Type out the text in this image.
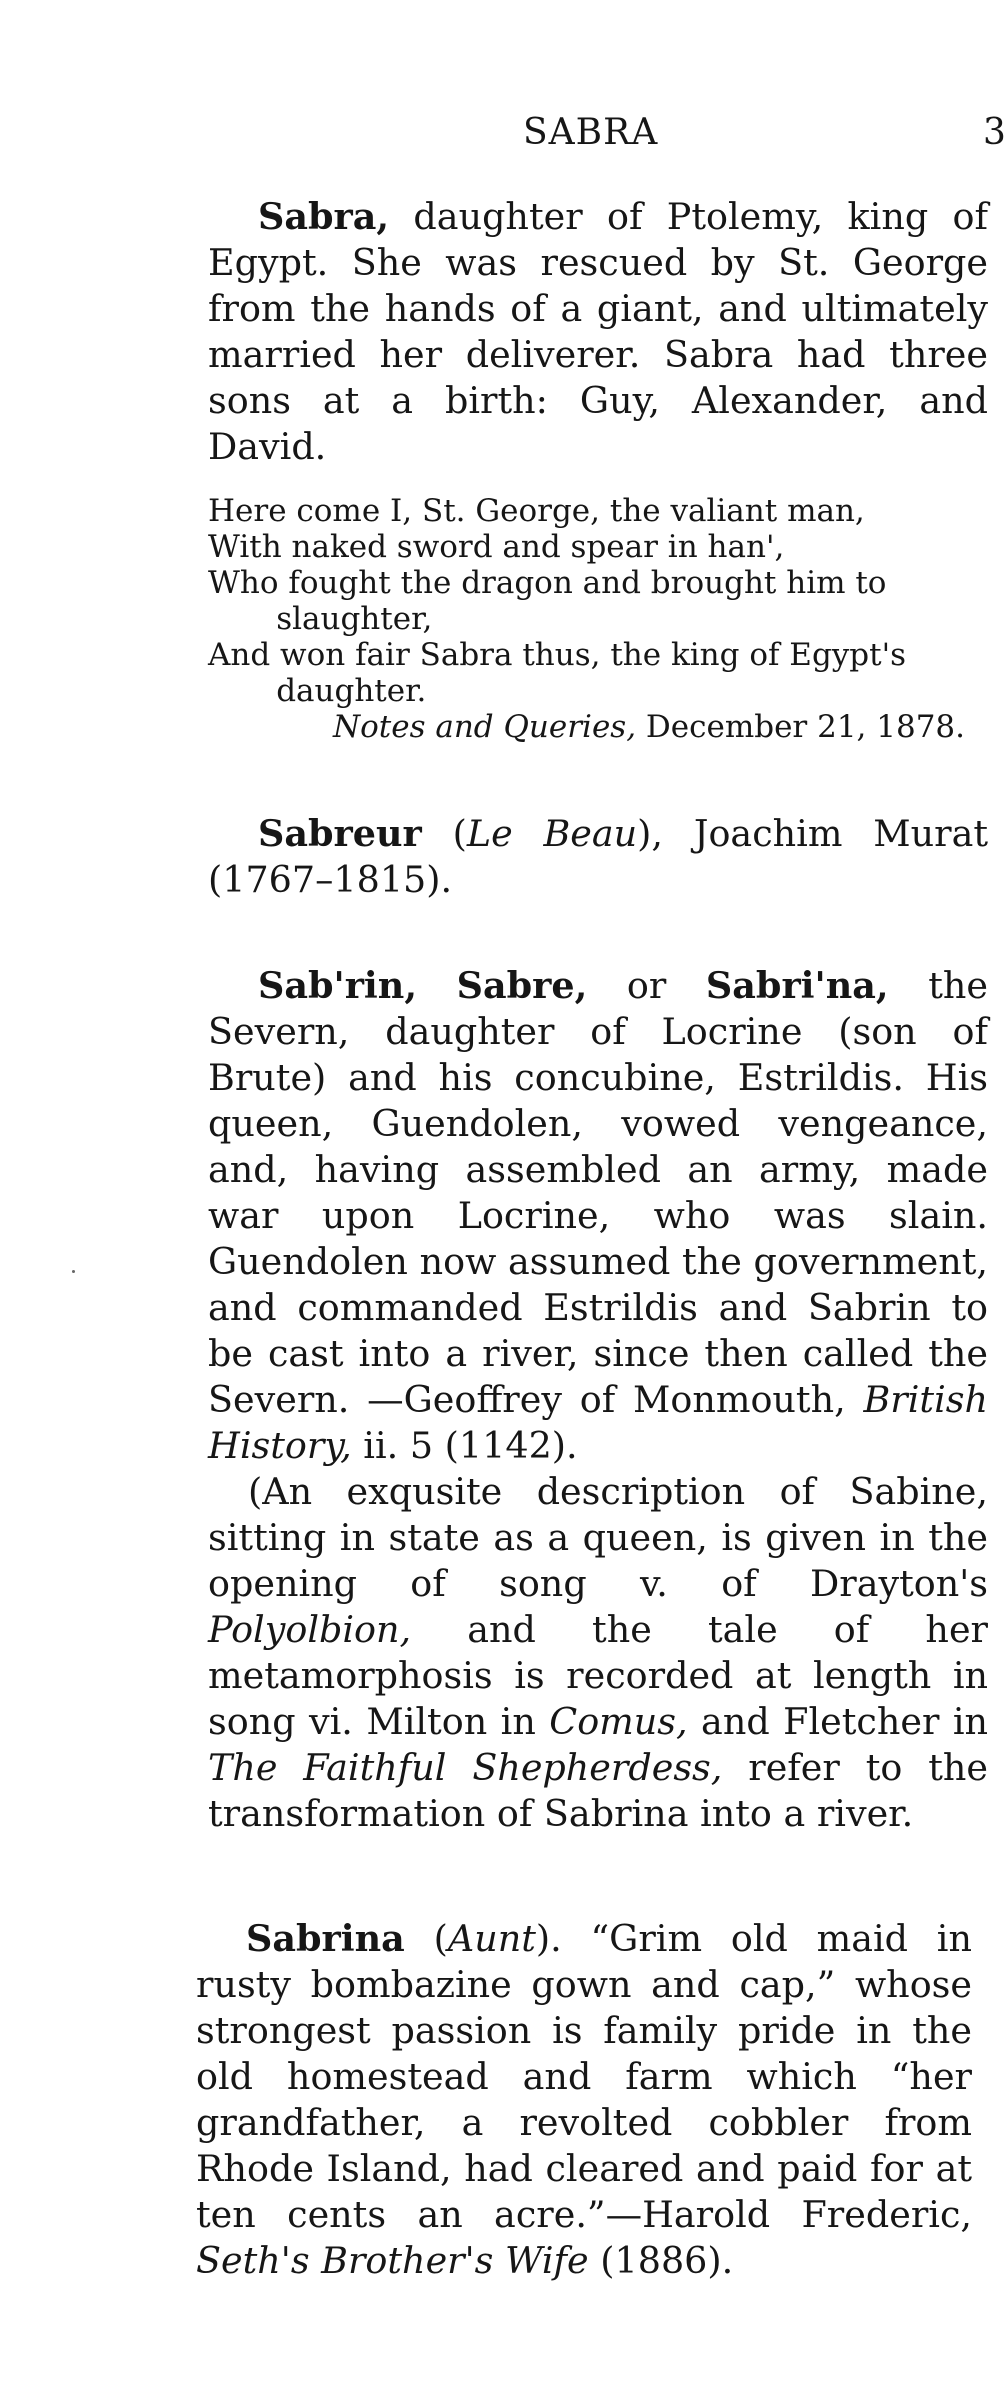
SABRA	3

Sabra, daughter of Ptolemy, king of Egypt. She was rescued by St. George from the hands of a giant, and ultimately married her deliverer. Sabra had three sons at a birth: Guy, Alexander, and David.

Here come I, St. George, the valiant man,
With naked sword and spear in han',
Who fought the dragon and brought him to slaughter,
And won fair Sabra thus, the king of Egypt's daughter.
Notes and Queries, December 21, 1878.

Sabreur (Le Beau), Joachim Murat (1767–1815).

Sab'rin, Sabre, or Sabri'na, the Severn, daughter of Locrine (son of Brute) and his concubine, Estrildis. His queen, Guendolen, vowed vengeance, and, having assembled an army, made war upon Locrine, who was slain. Guendolen now assumed the government, and commanded Estrildis and Sabrin to be cast into a river, since then called the Severn. —Geoffrey of Monmouth, British History, ii. 5 (1142).

(An exqusite description of Sabine, sitting in state as a queen, is given in the opening of song v. of Drayton's Polyolbion, and the tale of her metamorphosis is recorded at length in song vi. Milton in Comus, and Fletcher in The Faithful Shepherdess, refer to the transformation of Sabrina into a river.

Sabrina (Aunt). “Grim old maid in rusty bombazine gown and cap,” whose strongest passion is family pride in the old homestead and farm which “her grandfather, a revolted cobbler from Rhode Island, had cleared and paid for at ten cents an acre.”—Harold Frederic, Seth's Brother's Wife (1886).
